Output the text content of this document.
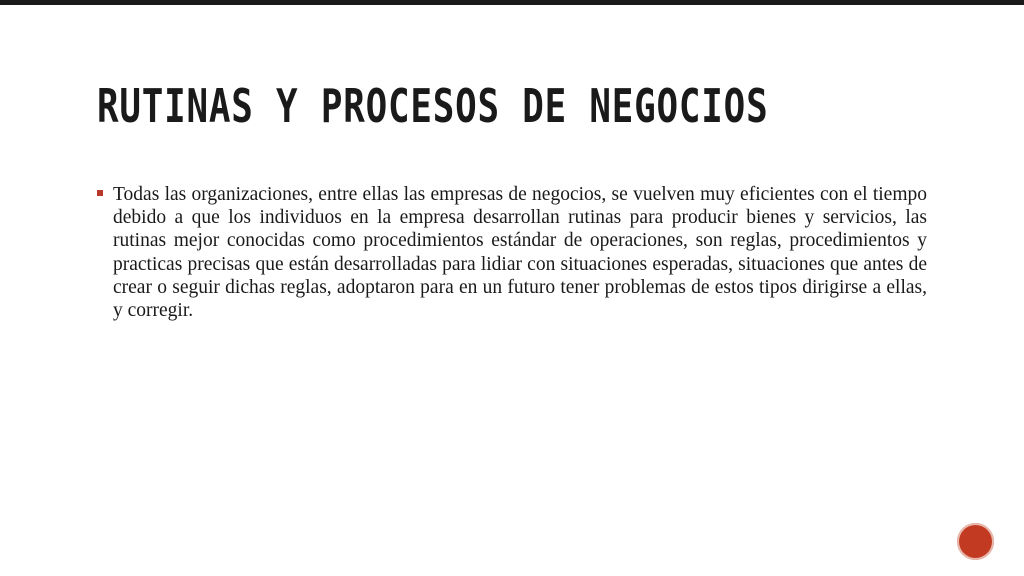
RUTINAS Y PROCESOS DE NEGOCIOS

Todas las organizaciones, entre ellas las empresas de negocios, se vuelven muy eficientes con el tiempo debido a que los individuos en la empresa desarrollan rutinas para producir bienes y servicios, las rutinas mejor conocidas como procedimientos estándar de operaciones, son reglas, procedimientos y practicas precisas que están desarrolladas para lidiar con situaciones esperadas, situaciones que antes de crear o seguir dichas reglas, adoptaron para en un futuro tener problemas de estos tipos dirigirse a ellas, y corregir.
